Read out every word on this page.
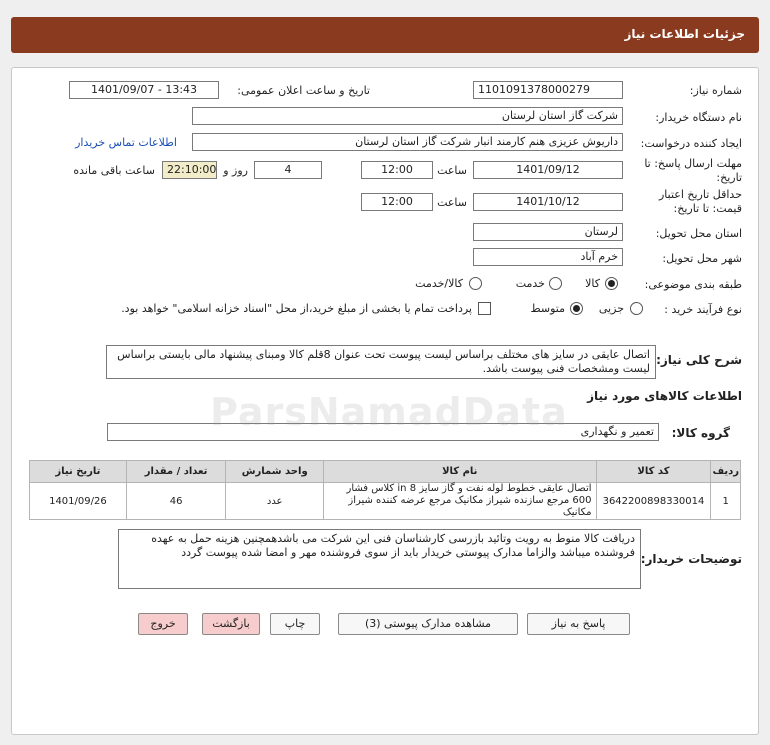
جزئیات اطلاعات نیاز
شماره نیاز:
1101091378000279
تاریخ و ساعت اعلان عمومی:
1401/09/07 - 13:43
نام دستگاه خریدار:
شرکت گاز استان لرستان
ایجاد کننده درخواست:
داریوش عزیزی هنم کارمند انبار شرکت گاز استان لرستان
اطلاعات تماس خریدار
مهلت ارسال پاسخ: تا
تاریخ:
1401/09/12
ساعت
12:00
4
روز و
22:10:00
ساعت باقی مانده
حداقل تاریخ اعتبار
قیمت: تا تاریخ:
1401/10/12
ساعت
12:00
استان محل تحویل:
لرستان
شهر محل تحویل:
خرم آباد
طبقه بندی موضوعی:
کالا
خدمت
کالا/خدمت
نوع فرآیند خرید :
جزیی
متوسط
پرداخت تمام یا بخشی از مبلغ خرید،از محل "اسناد خزانه اسلامی" خواهد بود.
شرح کلی نیاز:
اتصال عایقی در سایز های مختلف براساس لیست پیوست تحت عنوان 8قلم کالا ومبنای پیشنهاد مالی بایستی براساس لیست ومشخصات فنی پیوست باشد.
اطلاعات کالاهای مورد نیاز
گروه کالا:
تعمیر و نگهداری
ردیف	کد کالا	نام کالا	واحد شمارش	تعداد / مقدار	تاریخ نیاز
1	3642200898330014	اتصال عایقی خطوط لوله نفت و گاز سایز 8 in کلاس فشار 600 مرجع سازنده شیراز مکانیک مرجع عرضه کننده شیراز مکانیک	عدد	46	1401/09/26
توضیحات خریدار:
دریافت کالا منوط به رویت وتائید بازرسی کارشناسان فنی این شرکت می باشدهمچنین هزینه حمل به عهده فروشنده میباشد والزاما مدارک پیوستی خریدار باید از سوی فروشنده مهر و امضا شده پیوست گردد
پاسخ به نیاز
مشاهده مدارک پیوستی (3)
چاپ
بازگشت
خروج
